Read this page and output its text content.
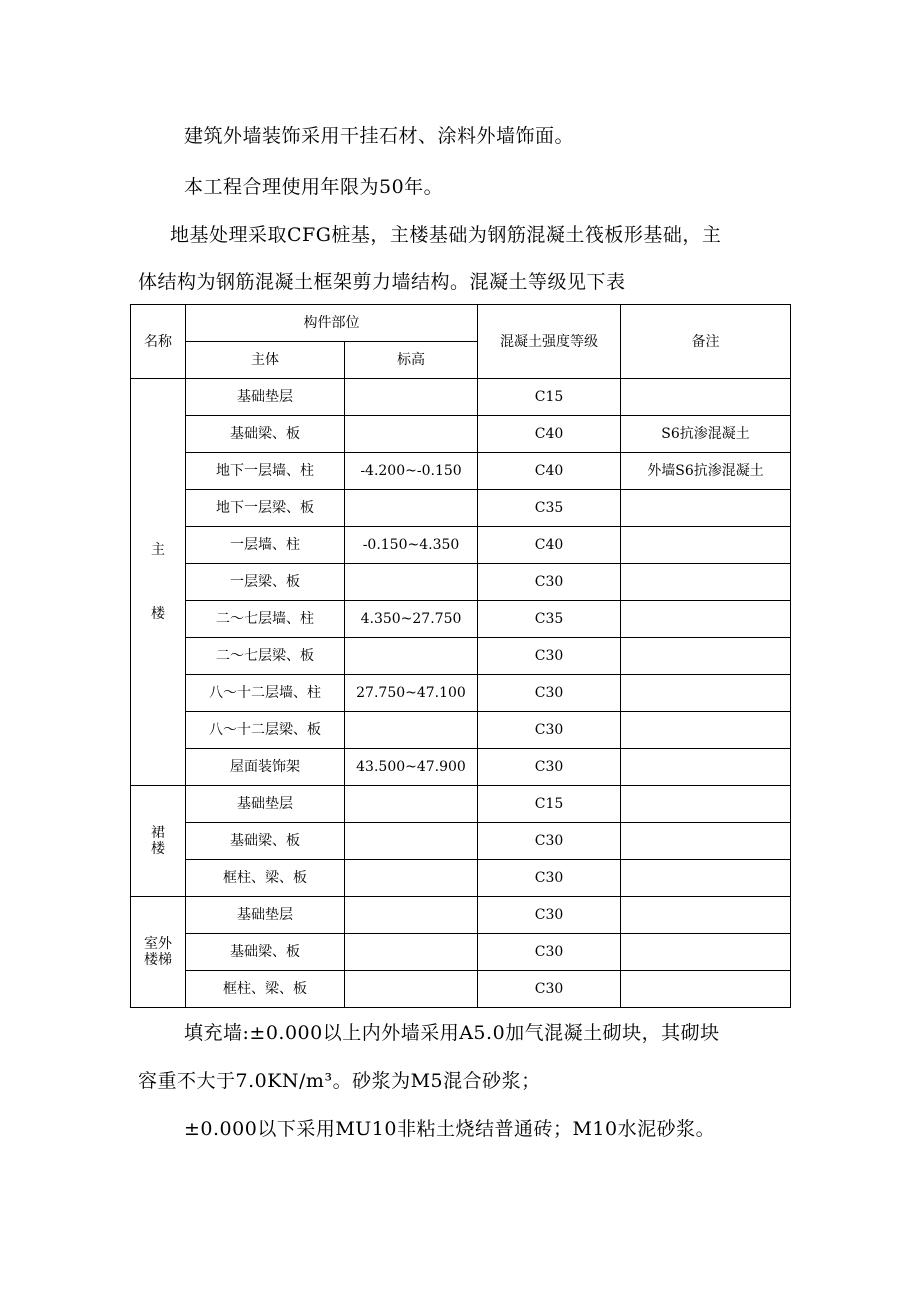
建筑外墙装饰采用干挂石材、涂料外墙饰面。
本工程合理使用年限为50年。
地基处理采取CFG桩基，主楼基础为钢筋混凝土筏板形基础，主
体结构为钢筋混凝土框架剪力墙结构。混凝土等级见下表
名称	构件部位		混凝土强度等级	备注
	主体	标高		
主

楼	基础垫层		C15	
	基础梁、板		C40	S6抗渗混凝土
	地下一层墙、柱	-4.200~-0.150	C40	外墙S6抗渗混凝土
	地下一层梁、板		C35	
	一层墙、柱	-0.150~4.350	C40	
	一层梁、板		C30	
	二～七层墙、柱	4.350~27.750	C35	
	二～七层梁、板		C30	
	八～十二层墙、柱	27.750~47.100	C30	
	八～十二层梁、板		C30	
	屋面装饰架	43.500~47.900	C30	
裙
楼	基础垫层		C15	
	基础梁、板		C30	
	框柱、梁、板		C30	
室外
楼梯	基础垫层		C30	
	基础梁、板		C30	
	框柱、梁、板		C30	
填充墙:±0.000以上内外墙采用A5.0加气混凝土砌块，其砌块
容重不大于7.0KN/m³。砂浆为M5混合砂浆；
±0.000以下采用MU10非粘土烧结普通砖；M10水泥砂浆。
